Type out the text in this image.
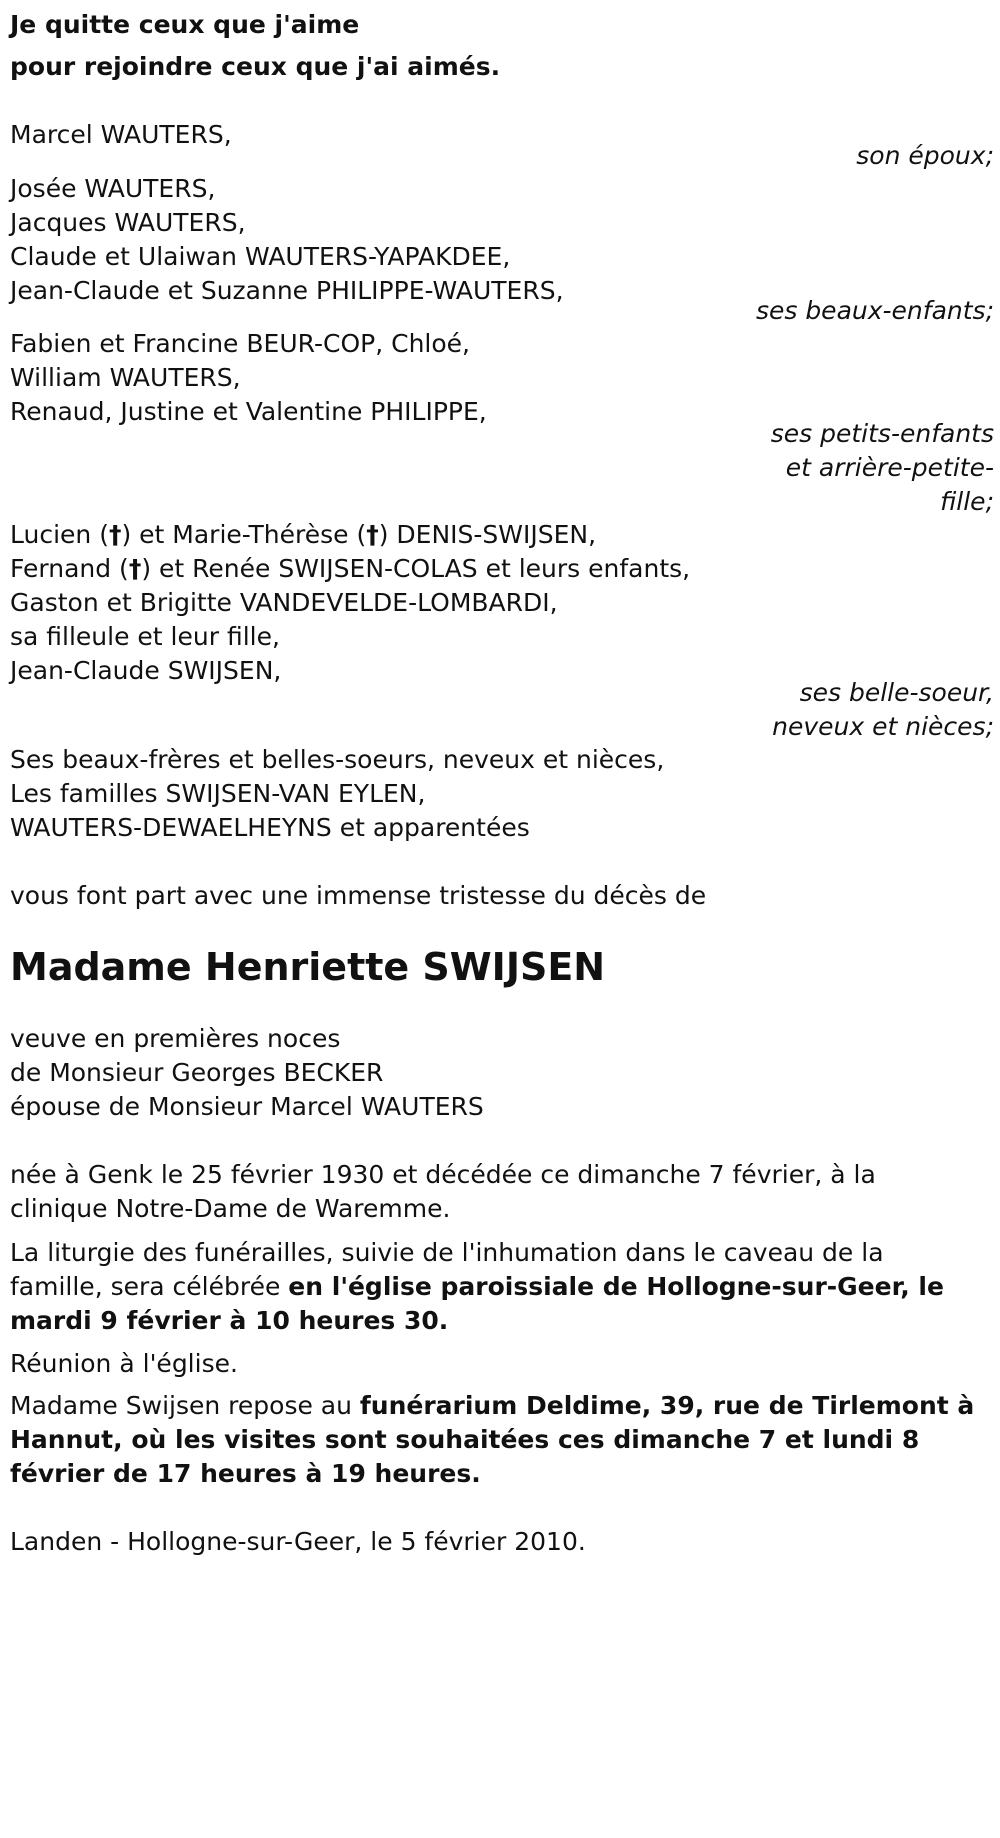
Je quitte ceux que j'aime
pour rejoindre ceux que j'ai aimés.
Marcel WAUTERS,
son époux;
Josée WAUTERS,
Jacques WAUTERS,
Claude et Ulaiwan WAUTERS-YAPAKDEE,
Jean-Claude et Suzanne PHILIPPE-WAUTERS,
ses beaux-enfants;
Fabien et Francine BEUR-COP, Chloé,
William WAUTERS,
Renaud, Justine et Valentine PHILIPPE,
ses petits-enfants
et arrière-petite-
fille;
Lucien (†) et Marie-Thérèse (†) DENIS-SWIJSEN,
Fernand (†) et Renée SWIJSEN-COLAS et leurs enfants,
Gaston et Brigitte VANDEVELDE-LOMBARDI,
sa filleule et leur fille,
Jean-Claude SWIJSEN,
ses belle-soeur,
neveux et nièces;
Ses beaux-frères et belles-soeurs, neveux et nièces,
Les familles SWIJSEN-VAN EYLEN,
WAUTERS-DEWAELHEYNS et apparentées
vous font part avec une immense tristesse du décès de
Madame Henriette SWIJSEN
veuve en premières noces
de Monsieur Georges BECKER
épouse de Monsieur Marcel WAUTERS
née à Genk le 25 février 1930 et décédée ce dimanche 7 février, à la
clinique Notre-Dame de Waremme.
La liturgie des funérailles, suivie de l'inhumation dans le caveau de la
famille, sera célébrée en l'église paroissiale de Hollogne-sur-Geer, le
mardi 9 février à 10 heures 30.
Réunion à l'église.
Madame Swijsen repose au funérarium Deldime, 39, rue de Tirlemont à
Hannut, où les visites sont souhaitées ces dimanche 7 et lundi 8
février de 17 heures à 19 heures.
Landen - Hollogne-sur-Geer, le 5 février 2010.
